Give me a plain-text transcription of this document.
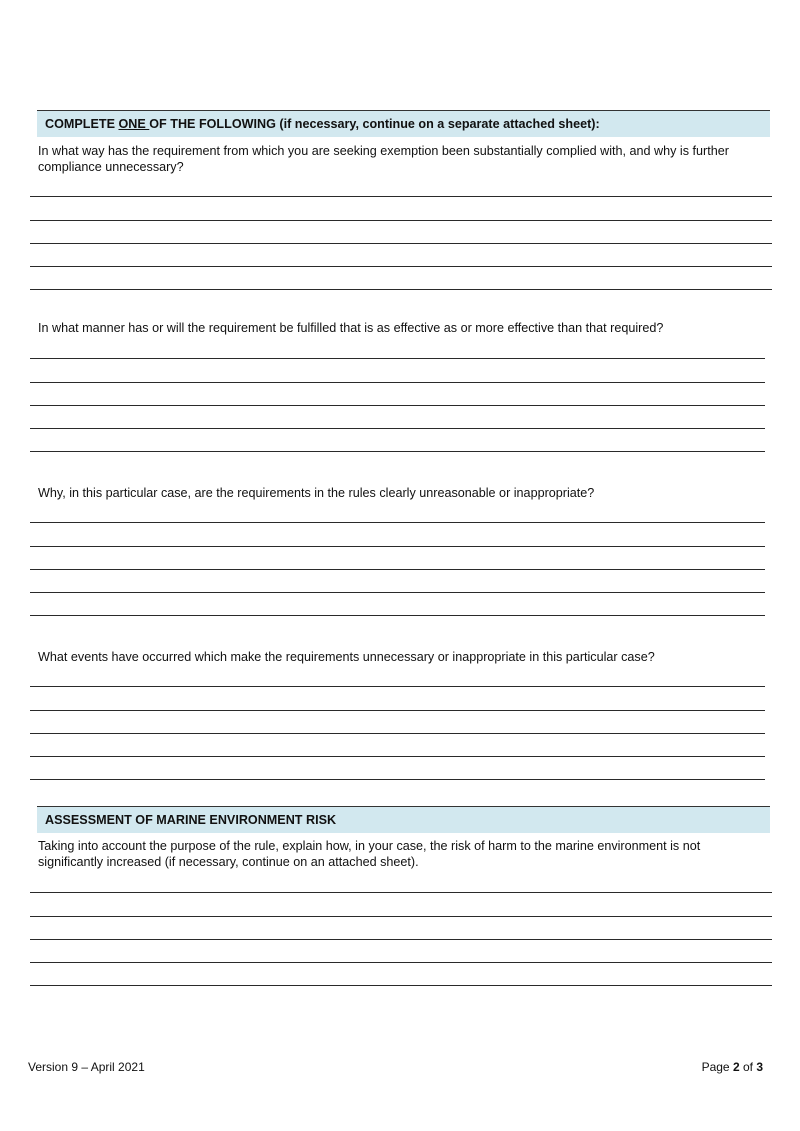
COMPLETE ONE OF THE FOLLOWING (if necessary, continue on a separate attached sheet):
In what way has the requirement from which you are seeking exemption been substantially complied with, and why is further compliance unnecessary?
In what manner has or will the requirement be fulfilled that is as effective as or more effective than that required?
Why, in this particular case, are the requirements in the rules clearly unreasonable or inappropriate?
What events have occurred which make the requirements unnecessary or inappropriate in this particular case?
ASSESSMENT OF MARINE ENVIRONMENT RISK
Taking into account the purpose of the rule, explain how, in your case, the risk of harm to the marine environment is not significantly increased (if necessary, continue on an attached sheet).
Version 9 – April 2021	Page 2 of 3
